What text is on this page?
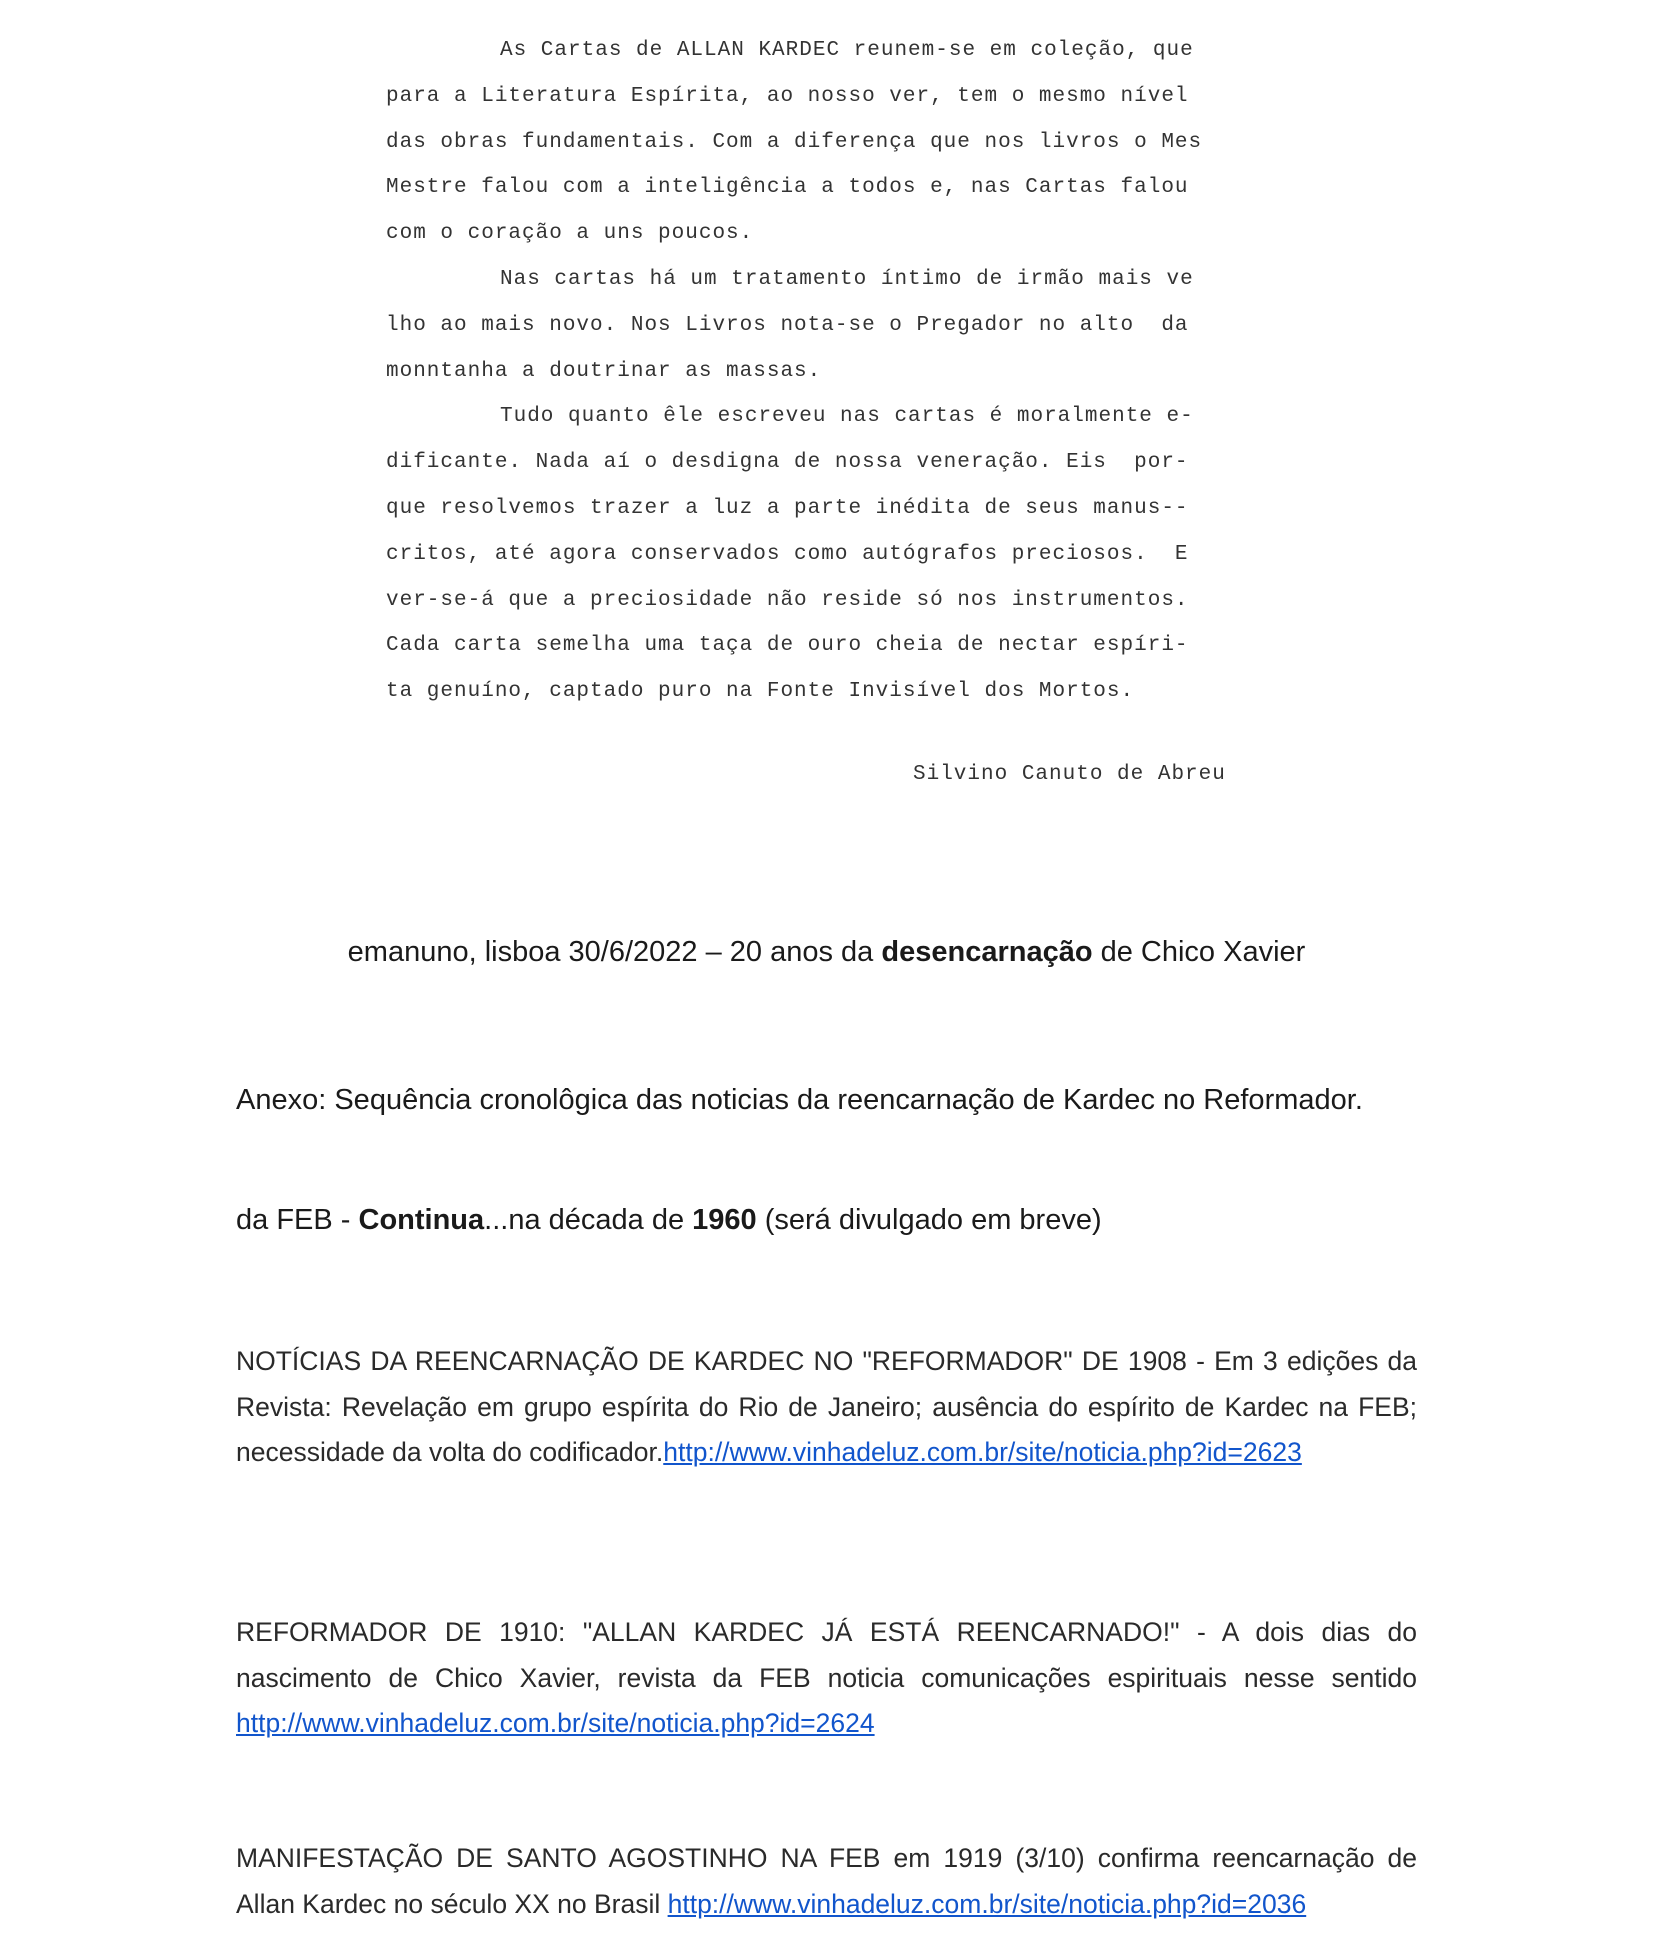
As Cartas de ALLAN KARDEC reunem-se em coleção, que
para a Literatura Espírita, ao nosso ver, tem o mesmo nível
das obras fundamentais. Com a diferença que nos livros o Mes
Mestre falou com a inteligência a todos e, nas Cartas falou
com o coração a uns poucos.
Nas cartas há um tratamento íntimo de irmão mais ve
lho ao mais novo. Nos Livros nota-se o Pregador no alto  da
monntanha a doutrinar as massas.
Tudo quanto êle escreveu nas cartas é moralmente e-
dificante. Nada aí o desdigna de nossa veneração. Eis  por-
que resolvemos trazer a luz a parte inédita de seus manus--
critos, até agora conservados como autógrafos preciosos.  E
ver-se-á que a preciosidade não reside só nos instrumentos.
Cada carta semelha uma taça de ouro cheia de nectar espíri-
ta genuíno, captado puro na Fonte Invisível dos Mortos.
Silvino Canuto de Abreu
emanuno, lisboa 30/6/2022 – 20 anos da desencarnação de Chico Xavier
Anexo: Sequência cronolôgica das noticias da reencarnação de Kardec no Reformador.
da FEB - Continua...na década de 1960 (será divulgado em breve)
NOTÍCIAS DA REENCARNAÇÃO DE KARDEC NO "REFORMADOR" DE 1908 - Em 3 edições da Revista: Revelação em grupo espírita do Rio de Janeiro; ausência do espírito de Kardec na FEB; necessidade da volta do codificador.http://www.vinhadeluz.com.br/site/noticia.php?id=2623
REFORMADOR DE 1910: "ALLAN KARDEC JÁ ESTÁ REENCARNADO!" - A dois dias do nascimento de Chico Xavier, revista da FEB noticia comunicações espirituais nesse sentido http://www.vinhadeluz.com.br/site/noticia.php?id=2624
MANIFESTAÇÃO DE SANTO AGOSTINHO NA FEB em 1919 (3/10) confirma reencarnação de Allan Kardec no século XX no Brasil http://www.vinhadeluz.com.br/site/noticia.php?id=2036
